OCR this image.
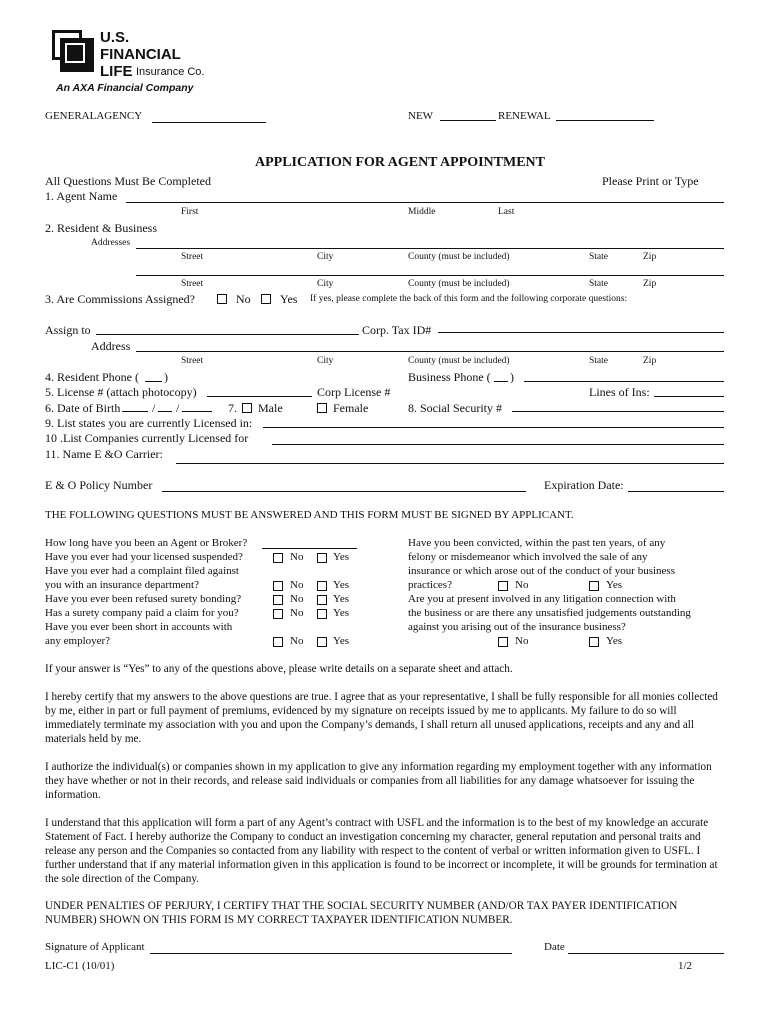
U.S.
FINANCIAL
LIFE Insurance Co.
An AXA Financial Company
GENERALAGENCY	NEW	RENEWAL
APPLICATION FOR AGENT APPOINTMENT
All Questions Must Be Completed	Please Print or Type
1. Agent Name
First	Middle	Last
2. Resident & Business
Addresses
Street	City	County (must be included)	State	Zip
Street	City	County (must be included)	State	Zip
3. Are Commissions Assigned?	No Yes If yes, please complete the back of this form and the following corporate questions:
Assign to	Corp. Tax ID#
Address
Street	City	County (must be included)	State	Zip
4. Resident Phone ( )	Business Phone ( )
5. License # (attach photocopy)	Corp License #	Lines of Ins:
6. Date of Birth	/ /	7. Male	Female	8. Social Security #
9. List states you are currently Licensed in:
10 .List Companies currently Licensed for
11. Name E &O Carrier:
E & O Policy Number	Expiration Date:
THE FOLLOWING QUESTIONS MUST BE ANSWERED AND THIS FORM MUST BE SIGNED BY APPLICANT.
How long have you been an Agent or Broker?
Have you ever had your licensed suspended?	No	Yes
Have you ever had a complaint filed against
you with an insurance department?	No	Yes
Have you ever been refused surety bonding?	No	Yes
Has a surety company paid a claim for you?	No	Yes
Have you ever been short in accounts with
any employer?	No	Yes
Have you been convicted, within the past ten years, of any
felony or misdemeanor which involved the sale of any
insurance or which arose out of the conduct of your business
practices?	No	Yes
Are you at present involved in any litigation connection with
the business or are there any unsatisfied judgements outstanding
against you arising out of the insurance business?
No	Yes
If your answer is “Yes” to any of the questions above, please write details on a separate sheet and attach.
I hereby certify that my answers to the above questions are true. I agree that as your representative, I shall be fully responsible for all monies collected by me, either in part or full payment of premiums, evidenced by my signature on receipts issued by me to applicants. My failure to do so will immediately terminate my association with you and upon the Company’s demands, I shall return all unused applications, receipts and any and all materials held by me.
I authorize the individual(s) or companies shown in my application to give any information regarding my employment together with any information they have whether or not in their records, and release said individuals or companies from all liabilities for any damage whatsoever for issuing the information.
I understand that this application will form a part of any Agent’s contract with USFL and the information is to the best of my knowledge an accurate Statement of Fact. I hereby authorize the Company to conduct an investigation concerning my character, general reputation and personal traits and release any person and the Companies so contacted from any liability with respect to the content of verbal or written information given to USFL. I further understand that if any material information given in this application is found to be incorrect or incomplete, it will be grounds for termination at the sole direction of the Company.
UNDER PENALTIES OF PERJURY, I CERTIFY THAT THE SOCIAL SECURITY NUMBER (AND/OR TAX PAYER IDENTIFICATION NUMBER) SHOWN ON THIS FORM IS MY CORRECT TAXPAYER IDENTIFICATION NUMBER.
Signature of Applicant	Date
LIC-C1 (10/01)	1/2
